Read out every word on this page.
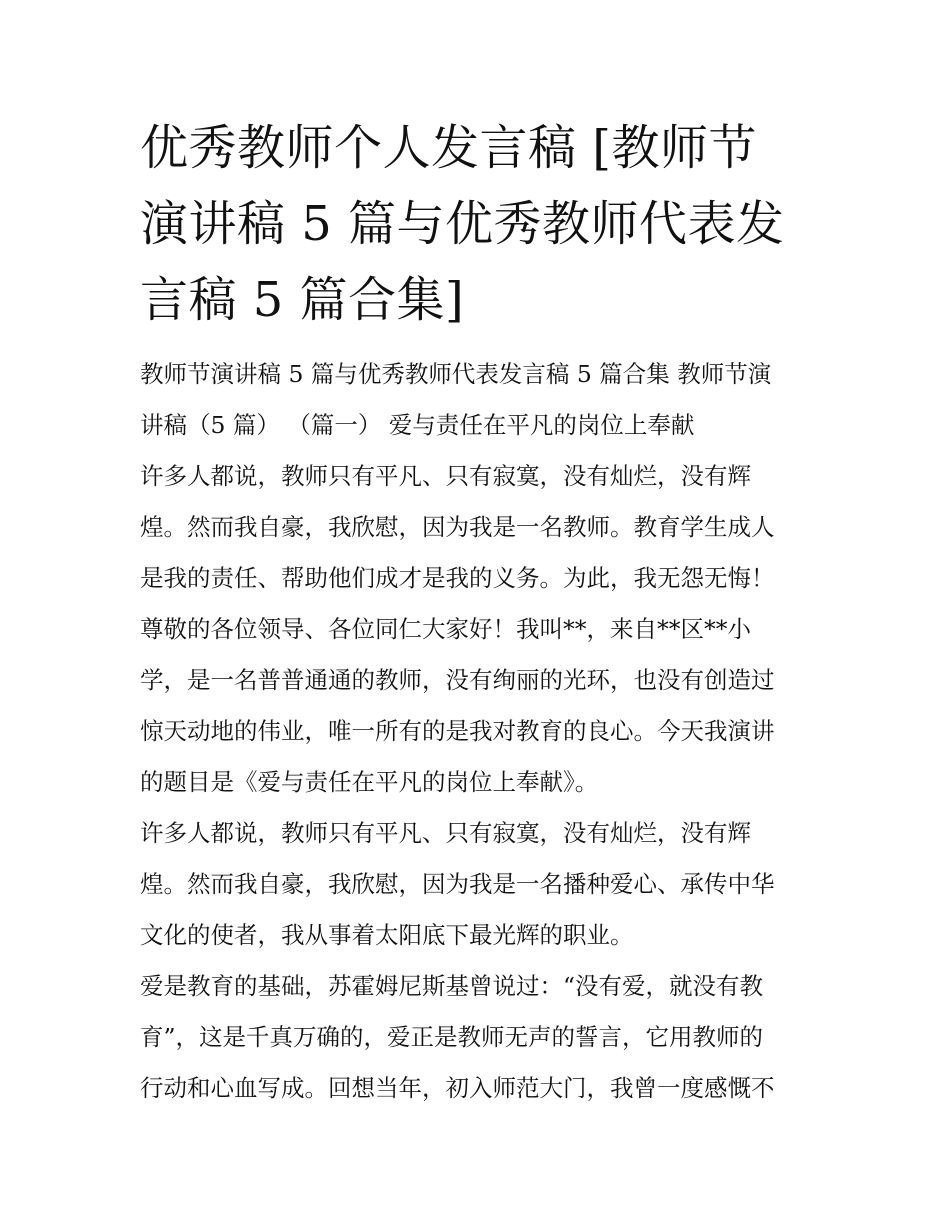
优秀教师个人发言稿 [教师节
演讲稿 5 篇与优秀教师代表发
言稿 5 篇合集]

教师节演讲稿 5 篇与优秀教师代表发言稿 5 篇合集 教师节演

讲稿（5 篇） （篇一） 爱与责任在平凡的岗位上奉献

许多人都说，教师只有平凡、只有寂寞，没有灿烂，没有辉

煌。然而我自豪，我欣慰，因为我是一名教师。教育学生成人

是我的责任、帮助他们成才是我的义务。为此，我无怨无悔！

尊敬的各位领导、各位同仁大家好！我叫**，来自**区**小

学，是一名普普通通的教师，没有绚丽的光环，也没有创造过

惊天动地的伟业，唯一所有的是我对教育的良心。今天我演讲

的题目是《爱与责任在平凡的岗位上奉献》。

许多人都说，教师只有平凡、只有寂寞，没有灿烂，没有辉

煌。然而我自豪，我欣慰，因为我是一名播种爱心、承传中华

文化的使者，我从事着太阳底下最光辉的职业。

爱是教育的基础，苏霍姆尼斯基曾说过：“没有爱，就没有教

育”，这是千真万确的，爱正是教师无声的誓言，它用教师的

行动和心血写成。回想当年，初入师范大门，我曾一度感慨不
